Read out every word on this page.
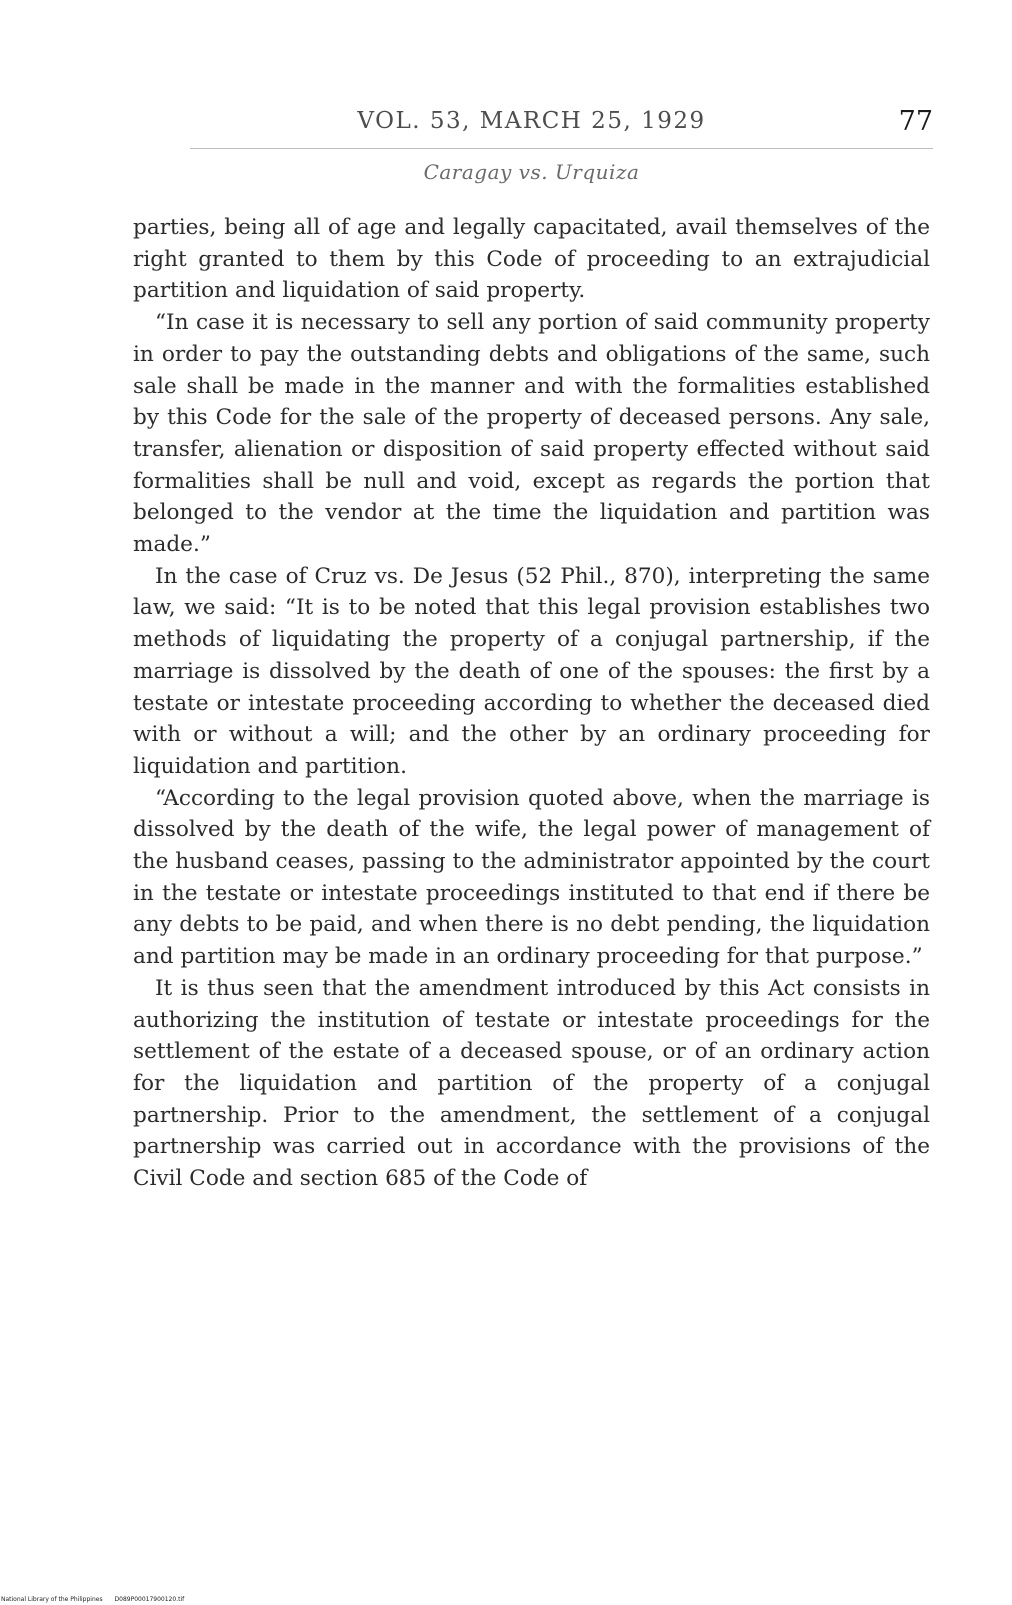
VOL. 53, MARCH 25, 1929	77
Caragay vs. Urquiza

parties, being all of age and legally capacitated, avail themselves of the right granted to them by this Code of proceeding to an extrajudicial partition and liquidation of said property.

“In case it is necessary to sell any portion of said community property in order to pay the outstanding debts and obligations of the same, such sale shall be made in the manner and with the formalities established by this Code for the sale of the property of deceased persons. Any sale, transfer, alienation or disposition of said property effected without said formalities shall be null and void, except as regards the portion that belonged to the vendor at the time the liquidation and partition was made.”

In the case of Cruz vs. De Jesus (52 Phil., 870), interpreting the same law, we said: “It is to be noted that this legal provision establishes two methods of liquidating the property of a conjugal partnership, if the marriage is dissolved by the death of one of the spouses: the first by a testate or intestate proceeding according to whether the deceased died with or without a will; and the other by an ordinary proceeding for liquidation and partition.

“According to the legal provision quoted above, when the marriage is dissolved by the death of the wife, the legal power of management of the husband ceases, passing to the administrator appointed by the court in the testate or intestate proceedings instituted to that end if there be any debts to be paid, and when there is no debt pending, the liquidation and partition may be made in an ordinary proceeding for that purpose.”

It is thus seen that the amendment introduced by this Act consists in authorizing the institution of testate or intestate proceedings for the settlement of the estate of a deceased spouse, or of an ordinary action for the liquidation and partition of the property of a conjugal partnership. Prior to the amendment, the settlement of a conjugal partnership was carried out in accordance with the provisions of the Civil Code and section 685 of the Code of

National Library of the Philippines D089P00017900120.tif
